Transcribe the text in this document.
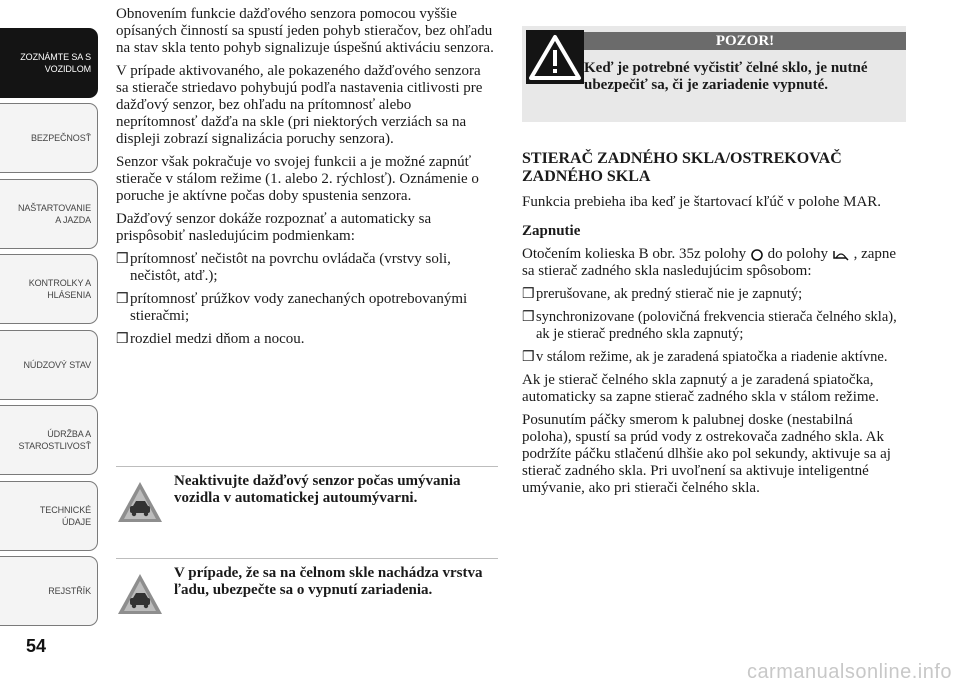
ZOZNÁMTE SA S
VOZIDLOM
BEZPEČNOSŤ
NAŠTARTOVANIE
A JAZDA
KONTROLKY A
HLÁSENIA
NÚDZOVÝ STAV
ÚDRŽBA A
STAROSTLIVOSŤ
TECHNICKÉ
ÚDAJE
REJSTŘÍK
54

Obnovením funkcie dažďového senzora pomocou vyššie opísaných činností sa spustí jeden pohyb stieračov, bez ohľadu na stav skla tento pohyb signalizuje úspešnú aktiváciu senzora.

V prípade aktivovaného, ale pokazeného dažďového senzora sa stierače striedavo pohybujú podľa nastavenia citlivosti pre dažďový senzor, bez ohľadu na prítomnosť alebo neprítomnosť dažďa na skle (pri niektorých verziách sa na displeji zobrazí signalizácia poruchy senzora).

Senzor však pokračuje vo svojej funkcii a je možné zapnúť stierače v stálom režime (1. alebo 2. rýchlosť). Oznámenie o poruche je aktívne počas doby spustenia senzora.

Dažďový senzor dokáže rozpoznať a automaticky sa prispôsobiť nasledujúcim podmienkam:

❒ prítomnosť nečistôt na povrchu ovládača (vrstvy soli, nečistôt, atď.);
❒ prítomnosť prúžkov vody zanechaných opotrebovanými stieračmi;
❒ rozdiel medzi dňom a nocou.
Neaktivujte dažďový senzor počas umývania vozidla v automatickej autoumývarni.
V prípade, že sa na čelnom skle nachádza vrstva ľadu, ubezpečte sa o vypnutí zariadenia.
POZOR!
Keď je potrebné vyčistiť čelné sklo, je nutné ubezpečiť sa, či je zariadenie vypnuté.
STIERAČ ZADNÉHO SKLA/OSTREKOVAČ ZADNÉHO SKLA

Funkcia prebieha iba keď je štartovací kľúč v polohe MAR.

Zapnutie

Otočením kolieska B obr. 35z polohy do polohy , zapne sa stierač zadného skla nasledujúcim spôsobom:

❒ prerušovane, ak predný stierač nie je zapnutý;
❒ synchronizovane (polovičná frekvencia stierača čelného skla), ak je stierač predného skla zapnutý;
❒ v stálom režime, ak je zaradená spiatočka a riadenie aktívne.

Ak je stierač čelného skla zapnutý a je zaradená spiatočka, automaticky sa zapne stierač zadného skla v stálom režime.

Posunutím páčky smerom k palubnej doske (nestabilná poloha), spustí sa prúd vody z ostrekovača zadného skla. Ak podržíte páčku stlačenú dlhšie ako pol sekundy, aktivuje sa aj stierač zadného skla. Pri uvoľnení sa aktivuje inteligentné umývanie, ako pri stierači čelného skla.

carmanualsonline.info
